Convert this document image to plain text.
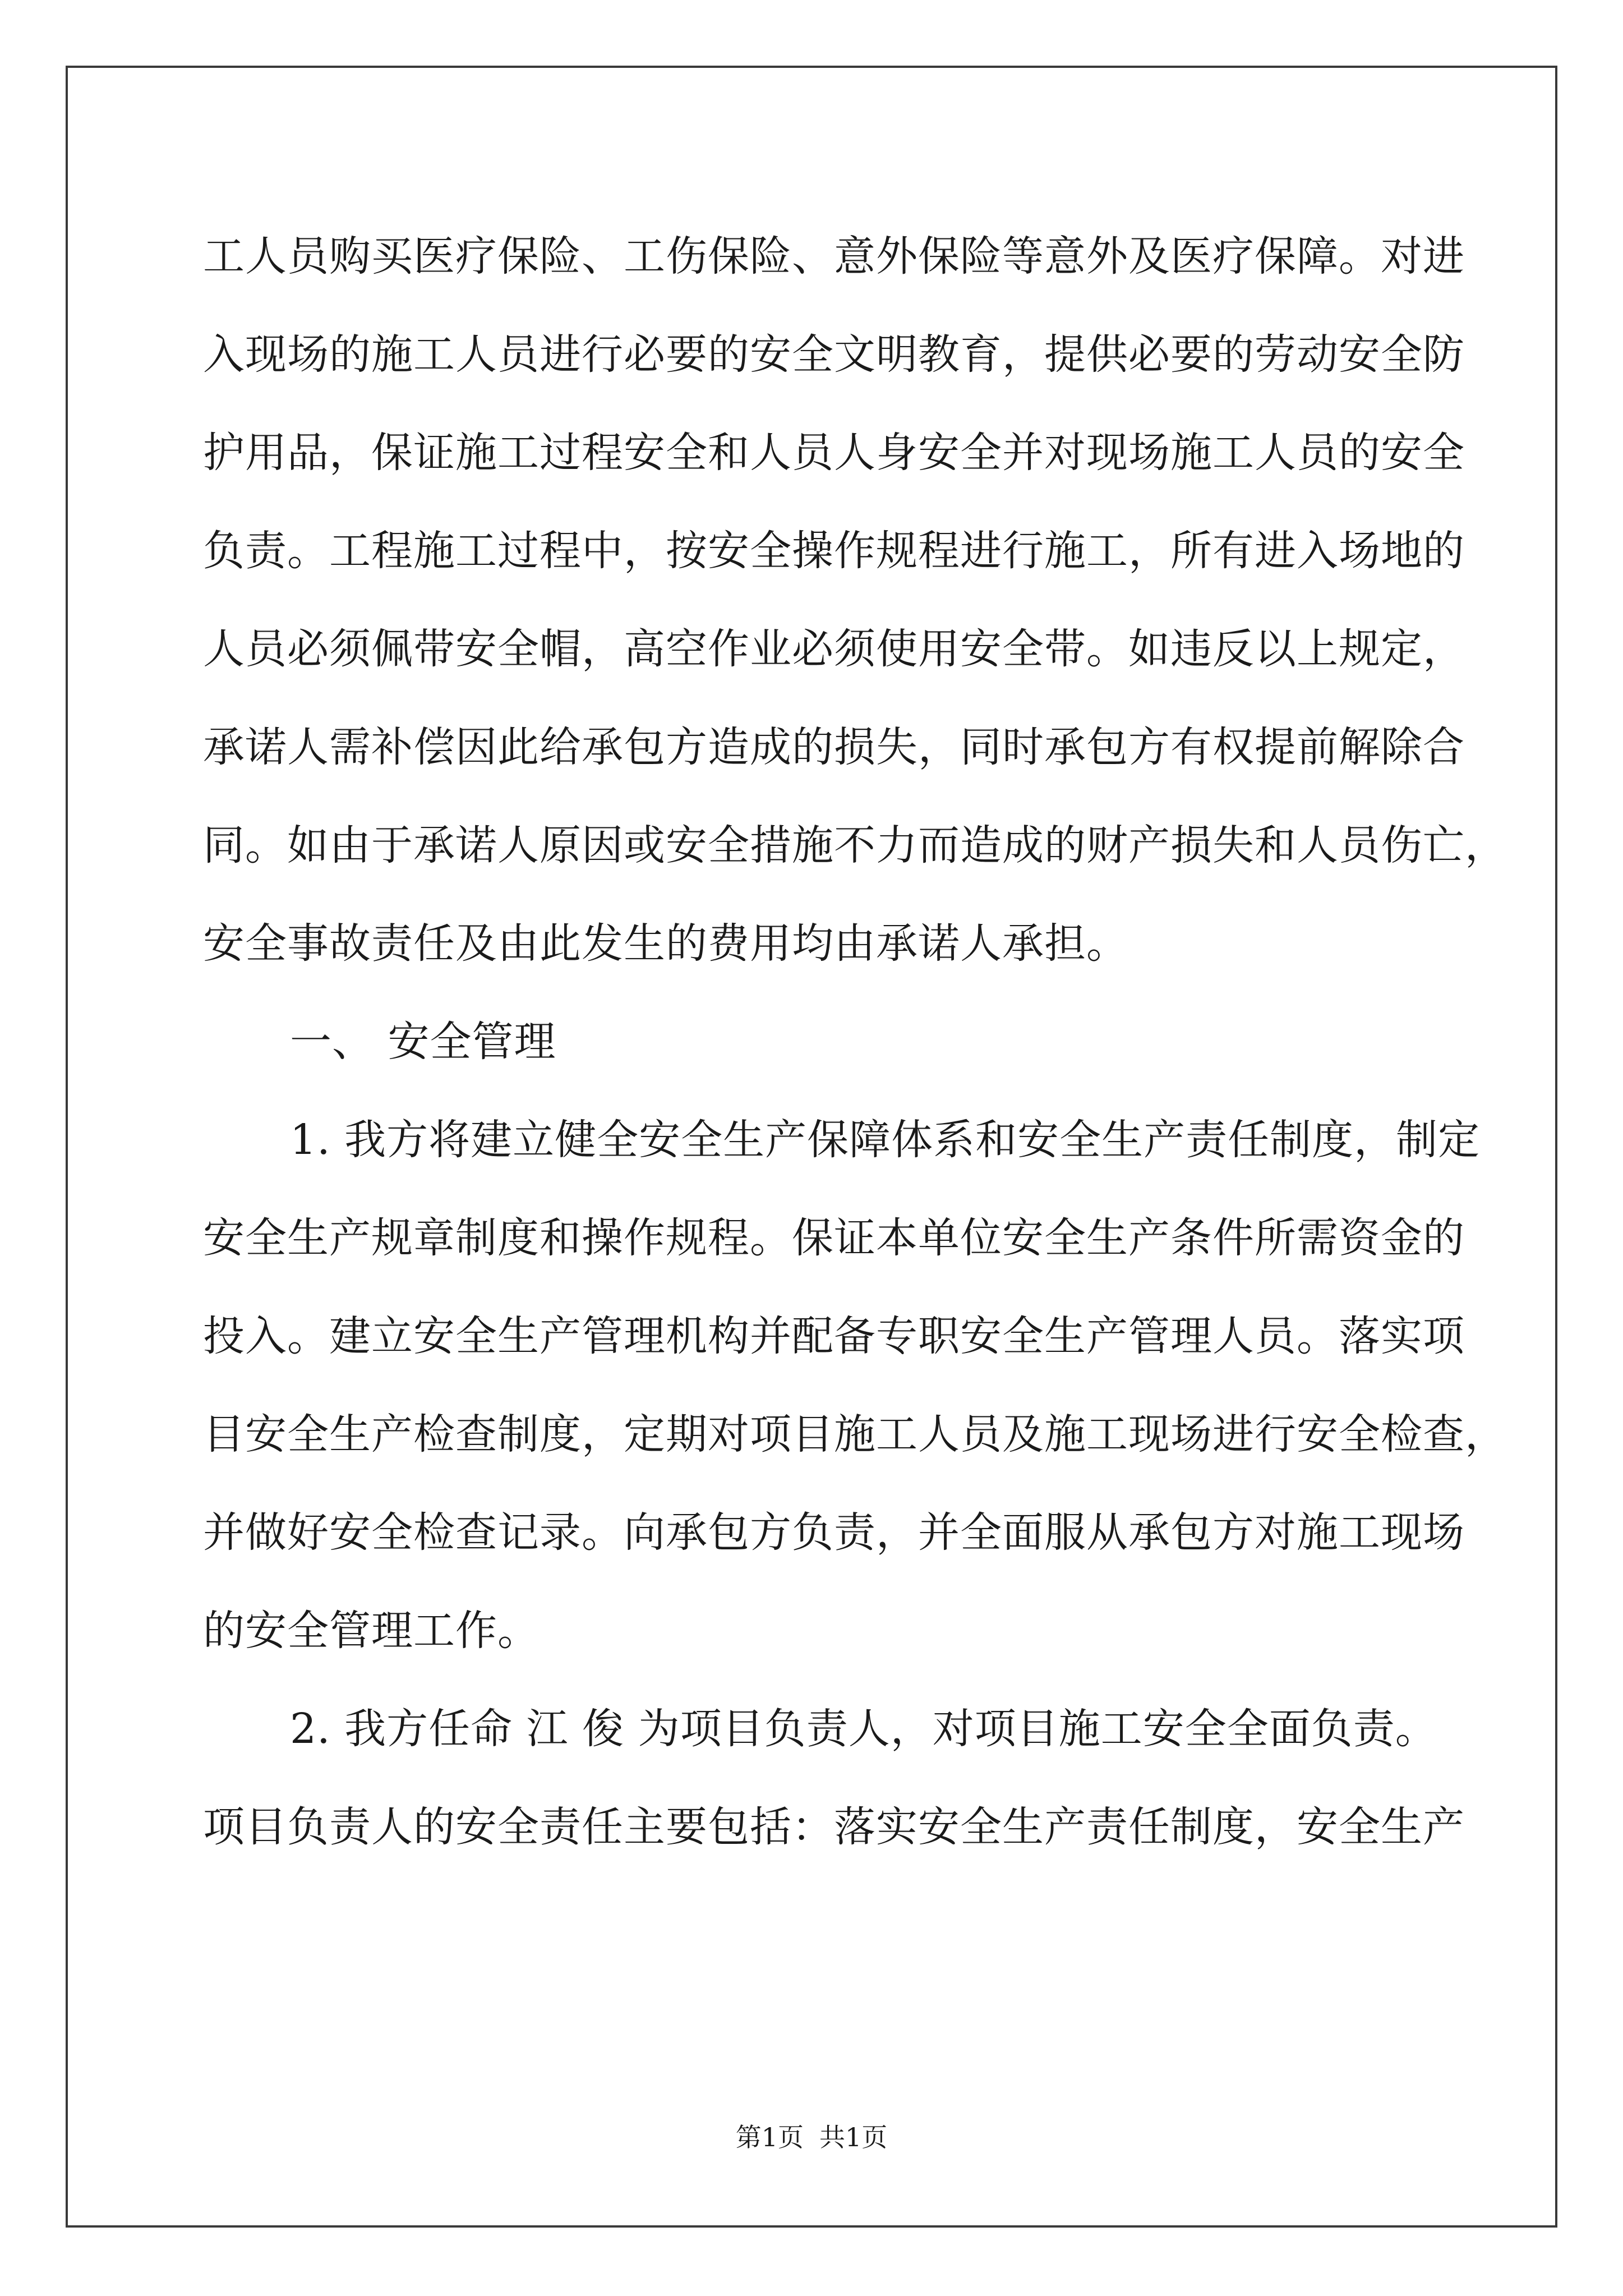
工人员购买医疗保险、工伤保险、意外保险等意外及医疗保障。对进
入现场的施工人员进行必要的安全文明教育，提供必要的劳动安全防
护用品，保证施工过程安全和人员人身安全并对现场施工人员的安全
负责。工程施工过程中，按安全操作规程进行施工，所有进入场地的
人员必须佩带安全帽，高空作业必须使用安全带。如违反以上规定，
承诺人需补偿因此给承包方造成的损失，同时承包方有权提前解除合
同。如由于承诺人原因或安全措施不力而造成的财产损失和人员伤亡，
安全事故责任及由此发生的费用均由承诺人承担。
一、 安全管理
1. 我方将建立健全安全生产保障体系和安全生产责任制度，制定
安全生产规章制度和操作规程。保证本单位安全生产条件所需资金的
投入。建立安全生产管理机构并配备专职安全生产管理人员。落实项
目安全生产检查制度，定期对项目施工人员及施工现场进行安全检查，
并做好安全检查记录。向承包方负责，并全面服从承包方对施工现场
的安全管理工作。
2. 我方任命 江 俊 为项目负责人，对项目施工安全全面负责。
项目负责人的安全责任主要包括：落实安全生产责任制度，安全生产
第1页 共1页
